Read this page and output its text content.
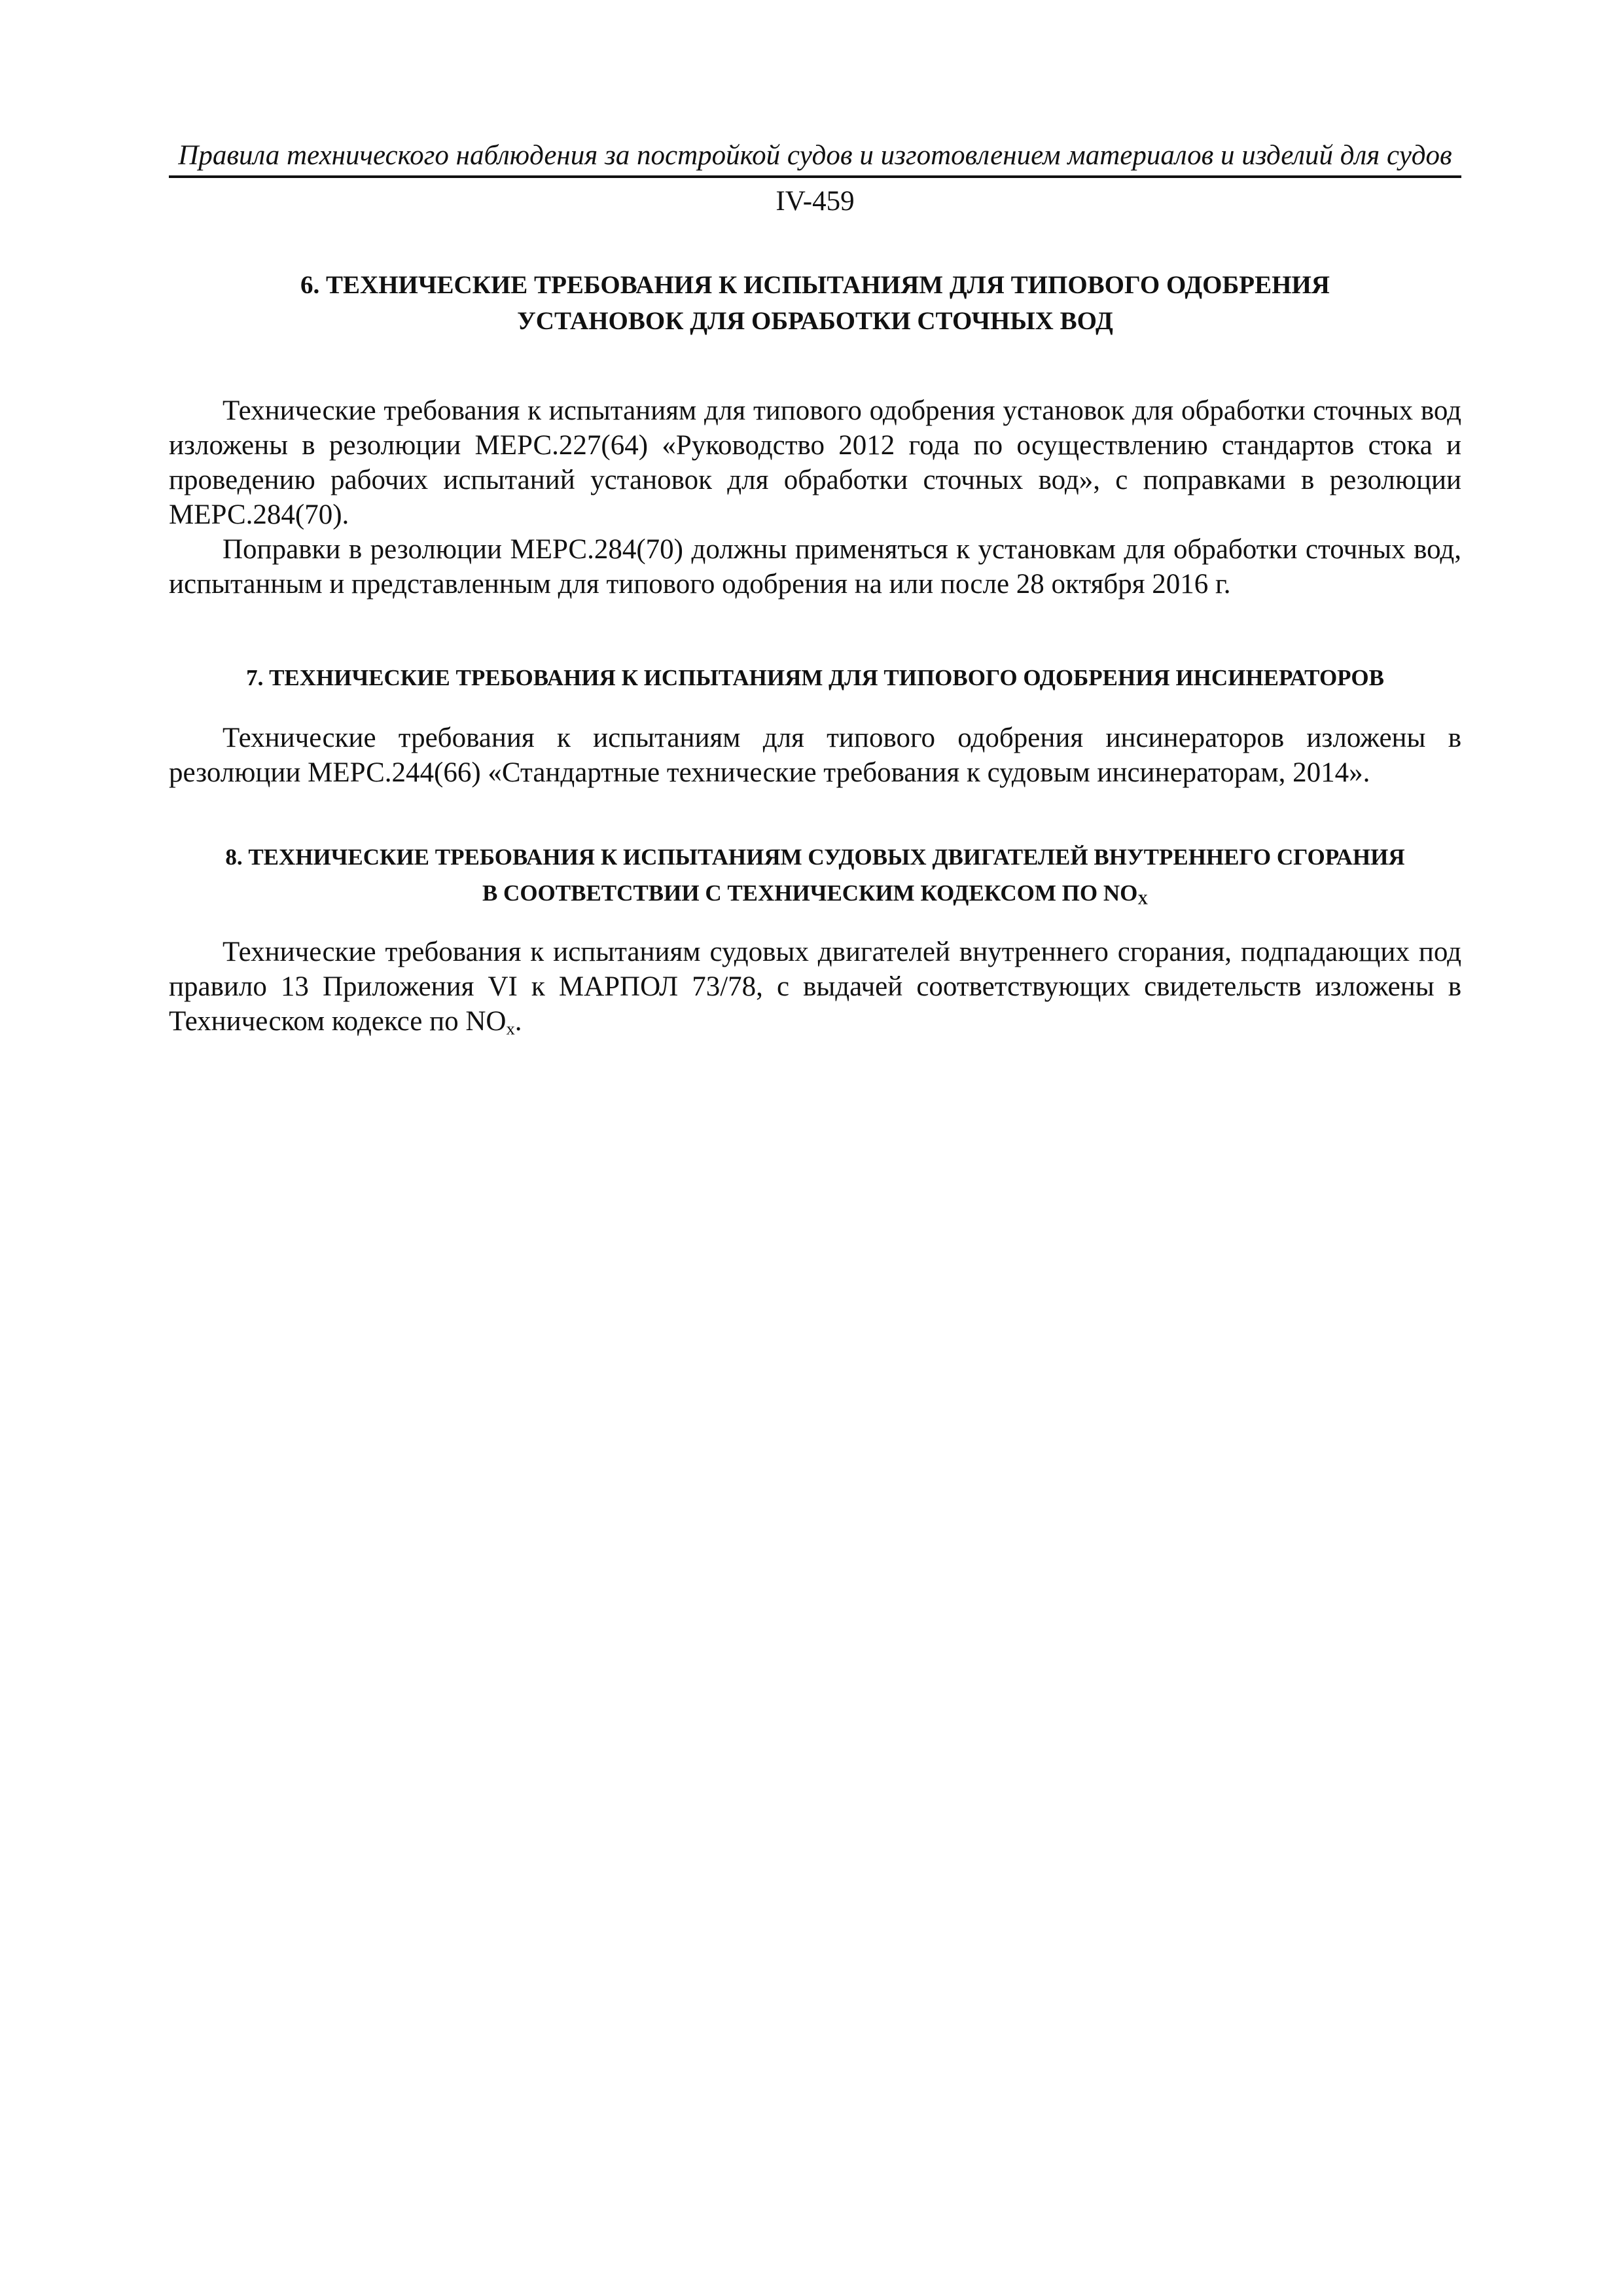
Правила технического наблюдения за постройкой судов и изготовлением материалов и изделий для судов
IV-459
6. ТЕХНИЧЕСКИЕ ТРЕБОВАНИЯ К ИСПЫТАНИЯМ ДЛЯ ТИПОВОГО ОДОБРЕНИЯ
УСТАНОВОК ДЛЯ ОБРАБОТКИ СТОЧНЫХ ВОД

Технические требования к испытаниям для типового одобрения установок для обработки сточных вод изложены в резолюции МЕРС.227(64) «Руководство 2012 года по осуществлению стандартов стока и проведению рабочих испытаний установок для обработки сточных вод», с поправками в резолюции МЕРС.284(70).

Поправки в резолюции МЕРС.284(70) должны применяться к установкам для обработки сточных вод, испытанным и представленным для типового одобрения на или после 28 октября 2016 г.

7. ТЕХНИЧЕСКИЕ ТРЕБОВАНИЯ К ИСПЫТАНИЯМ ДЛЯ ТИПОВОГО ОДОБРЕНИЯ ИНСИНЕРАТОРОВ

Технические требования к испытаниям для типового одобрения инсинераторов изложены в резолюции МЕРС.244(66) «Стандартные технические требования к судовым инсинераторам, 2014».

8. ТЕХНИЧЕСКИЕ ТРЕБОВАНИЯ К ИСПЫТАНИЯМ СУДОВЫХ ДВИГАТЕЛЕЙ ВНУТРЕННЕГО СГОРАНИЯ
В СООТВЕТСТВИИ С ТЕХНИЧЕСКИМ КОДЕКСОМ ПО $NO_X$

Технические требования к испытаниям судовых двигателей внутреннего сгорания, подпадающих под правило 13 Приложения VI к МАРПОЛ 73/78, с выдачей соответствующих свидетельств изложены в Техническом кодексе по $NO_x$.
